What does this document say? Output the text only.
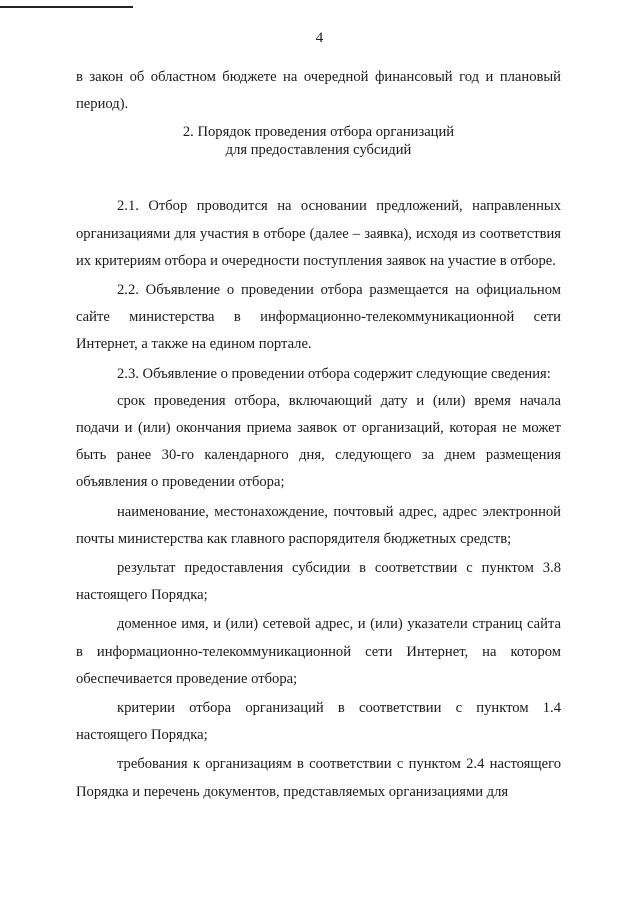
4

в закон об областном бюджете на очередной финансовый год и плановый период).

2. Порядок проведения отбора организаций
для предоставления субсидий

2.1. Отбор проводится на основании предложений, направленных организациями для участия в отборе (далее – заявка), исходя из соответствия их критериям отбора и очередности поступления заявок на участие в отборе.

2.2. Объявление о проведении отбора размещается на официальном сайте министерства в информационно-телекоммуникационной сети Интернет, а также на едином портале.

2.3. Объявление о проведении отбора содержит следующие сведения:

срок проведения отбора, включающий дату и (или) время начала подачи и (или) окончания приема заявок от организаций, которая не может быть ранее 30-го календарного дня, следующего за днем размещения объявления о проведении отбора;

наименование, местонахождение, почтовый адрес, адрес электронной почты министерства как главного распорядителя бюджетных средств;

результат предоставления субсидии в соответствии с пунктом 3.8 настоящего Порядка;

доменное имя, и (или) сетевой адрес, и (или) указатели страниц сайта в информационно-телекоммуникационной сети Интернет, на котором обеспечивается проведение отбора;

критерии отбора организаций в соответствии с пунктом 1.4 настоящего Порядка;

требования к организациям в соответствии с пунктом 2.4 настоящего Порядка и перечень документов, представляемых организациями для
